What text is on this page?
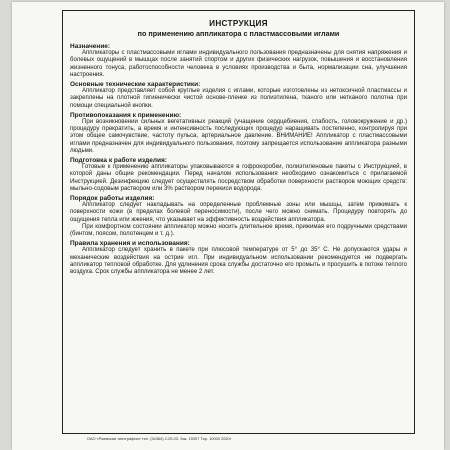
ИНСТРУКЦИЯ
по применению аппликатора с пластмассовыми иглами
Назначение:

Аппликаторы с пластмассовыми иглами индивидуального пользования предназначены для снятия напряжения и болевых ощущений в мышцах после занятий спортом и других физических нагрузок, повышения и восстановления жизненного тонуса, работоспособности человека в условиях производства и быта, нормализации сна, улучшения настроения.

Основные технические характеристики:

Аппликатор представляет собой круглые изделия с иглами, которые изготовлены из нетоксичной пластмассы и закреплены на плотной гигиенически чистой основе-пленке из полиэтилена, тканого или нетканого полотна при помощи специальной кнопки.

Противопоказания к применению:

При возникновении сильных вегетативных реакций (учащение сердцебиения, слабость, головокружение и др.) процедуру прекратить, а время и интенсивность последующих процедур наращивать постепенно, контролируя при этом общее самочувствие, частоту пульса, артериальное давление. ВНИМАНИЕ! Аппликатор с пластмассовыми иглами предназначен для индивидуального пользования, поэтому запрещается использование аппликатора разными людьми.

Подготовка к работе изделия:

Готовые к применению аппликаторы упаковываются в гофрокоробки, полиэтиленовые пакеты с Инструкцией, в которой даны общие рекомендации. Перед началом использования необходимо ознакомиться с прилагаемой Инструкцией. Дезинфекцию следует осуществлять посредством обработки поверхности растворов моющих средств: мыльно-содовым раствором или 3% раствором перекиси водорода.

Порядок работы изделия:

Аппликатор следует накладывать на определенные проблемные зоны или мышцы, затем прижимать к поверхности кожи (в пределах болевой переносимости), после чего можно снимать. Процедуру повторять до ощущения тепла или жжения, что указывает на эффективность воздействия аппликатора.

При комфортном состоянии аппликатор можно носить длительное время, прижимая его подручными средствами (бинтом, поясом, полотенцем и т. д.).

Правила хранения и использования:

Аппликатор следует хранить в пакете при плюсовой температуре от 5° до 35° С. Не допускаются удары и механические воздействия на острие игл. При индивидуальном использовании рекомендуется не подвергать аппликатор тепловой обработке. Для удлинения срока службы достаточно его промыть и просушить в потоке теплого воздуха. Срок службы аппликатора не менее 2 лет.

ОАО «Ржевская типография» тел. (34364) 2-25-03, Зак. 15397 Тир. 10000 2020г
